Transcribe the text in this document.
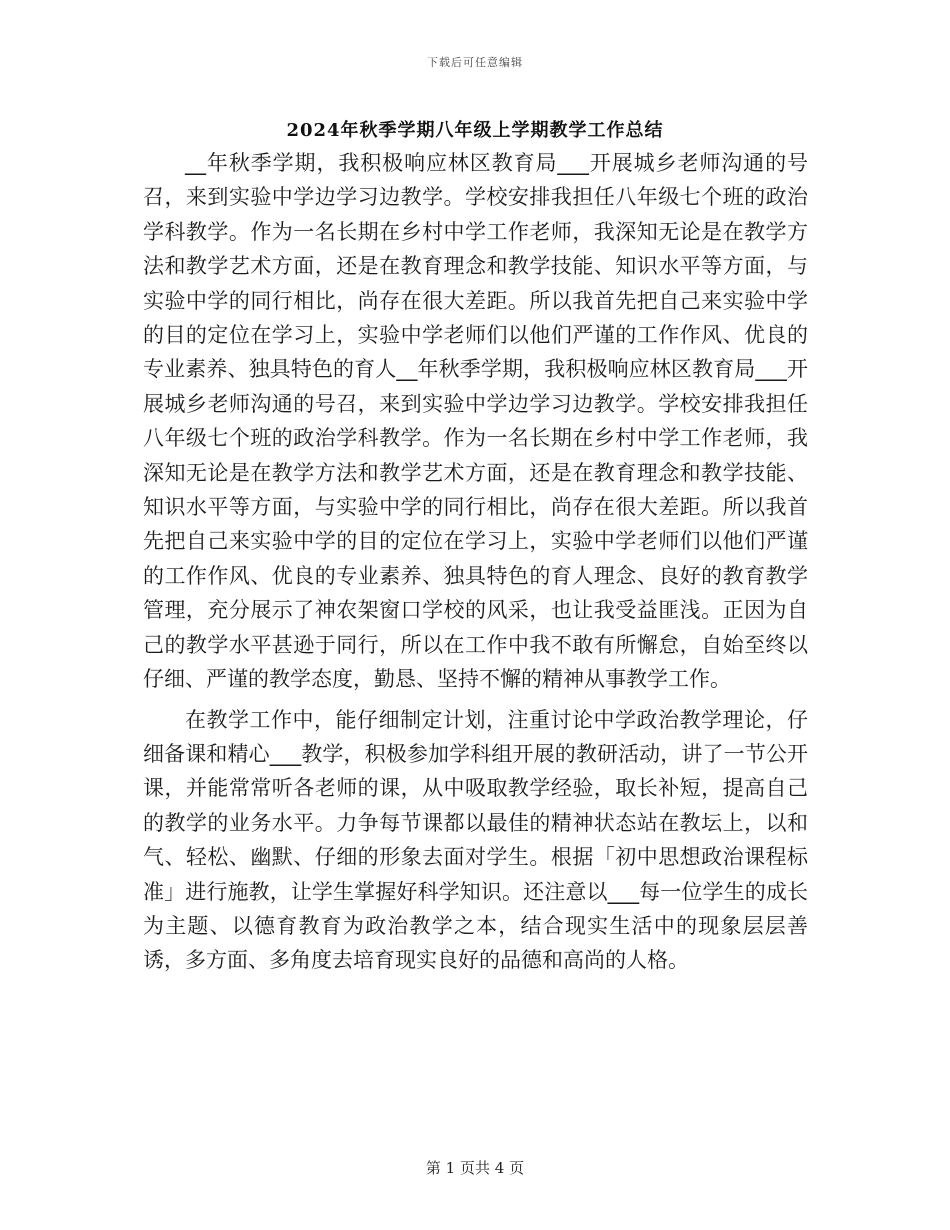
下载后可任意编辑
2024年秋季学期八年级上学期教学工作总结

__年秋季学期，我积极响应林区教育局___开展城乡老师沟通的号召，来到实验中学边学习边教学。学校安排我担任八年级七个班的政治学科教学。作为一名长期在乡村中学工作老师，我深知无论是在教学方法和教学艺术方面，还是在教育理念和教学技能、知识水平等方面，与实验中学的同行相比，尚存在很大差距。所以我首先把自己来实验中学的目的定位在学习上，实验中学老师们以他们严谨的工作作风、优良的专业素养、独具特色的育人__年秋季学期，我积极响应林区教育局___开展城乡老师沟通的号召，来到实验中学边学习边教学。学校安排我担任八年级七个班的政治学科教学。作为一名长期在乡村中学工作老师，我深知无论是在教学方法和教学艺术方面，还是在教育理念和教学技能、知识水平等方面，与实验中学的同行相比，尚存在很大差距。所以我首先把自己来实验中学的目的定位在学习上，实验中学老师们以他们严谨的工作作风、优良的专业素养、独具特色的育人理念、良好的教育教学管理，充分展示了神农架窗口学校的风采，也让我受益匪浅。正因为自己的教学水平甚逊于同行，所以在工作中我不敢有所懈怠，自始至终以仔细、严谨的教学态度，勤恳、坚持不懈的精神从事教学工作。

在教学工作中，能仔细制定计划，注重讨论中学政治教学理论，仔细备课和精心___教学，积极参加学科组开展的教研活动，讲了一节公开课，并能常常听各老师的课，从中吸取教学经验，取长补短，提高自己的教学的业务水平。力争每节课都以最佳的精神状态站在教坛上，以和气、轻松、幽默、仔细的形象去面对学生。根据「初中思想政治课程标准」进行施教，让学生掌握好科学知识。还注意以___每一位学生的成长为主题、以德育教育为政治教学之本，结合现实生活中的现象层层善诱，多方面、多角度去培育现实良好的品德和高尚的人格。

第 1 页共 4 页
